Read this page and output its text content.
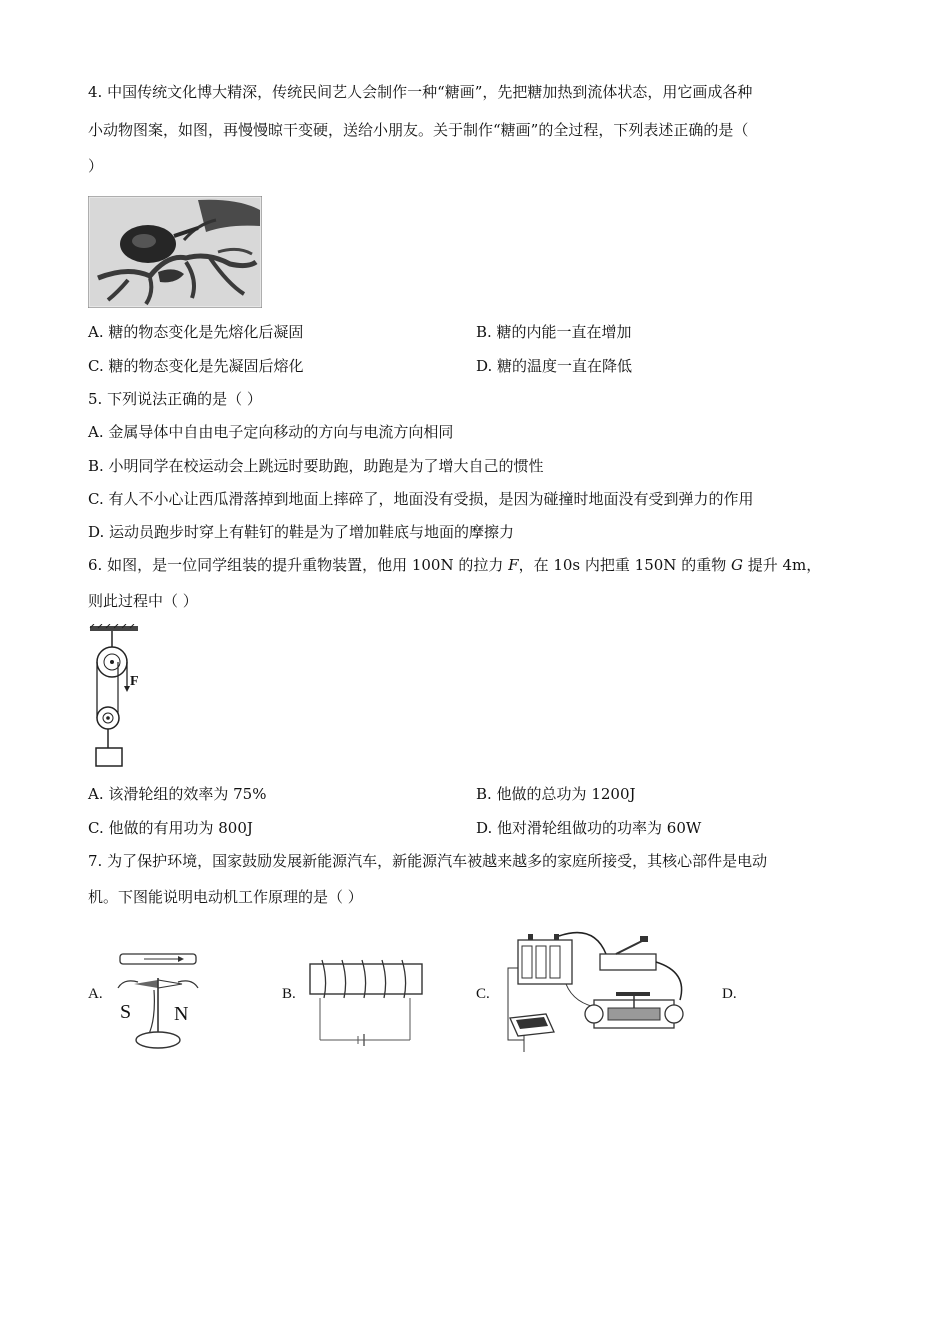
4. 中国传统文化博大精深，传统民间艺人会制作一种“糖画”，先把糖加热到流体状态，用它画成各种
小动物图案，如图，再慢慢晾干变硬，送给小朋友。关于制作“糖画”的全过程，下列表述正确的是（
）
A. 糖的物态变化是先熔化后凝固	B. 糖的内能一直在增加
C. 糖的物态变化是先凝固后熔化	D. 糖的温度一直在降低
5. 下列说法正确的是（ ）
A. 金属导体中自由电子定向移动的方向与电流方向相同
B. 小明同学在校运动会上跳远时要助跑，助跑是为了增大自己的惯性
C. 有人不小心让西瓜滑落掉到地面上摔碎了，地面没有受损，是因为碰撞时地面没有受到弹力的作用
D. 运动员跑步时穿上有鞋钉的鞋是为了增加鞋底与地面的摩擦力
6. 如图，是一位同学组装的提升重物装置，他用 100N 的拉力 F，在 10s 内把重 150N 的重物 G 提升 4m，
则此过程中（ ）
F
A. 该滑轮组的效率为 75%	B. 他做的总功为 1200J
C. 他做的有用功为 800J	D. 他对滑轮组做功的功率为 60W
7. 为了保护环境，国家鼓励发展新能源汽车，新能源汽车被越来越多的家庭所接受，其核心部件是电动
机。下图能说明电动机工作原理的是（ ）
A.
S N
B.	C.	D.
